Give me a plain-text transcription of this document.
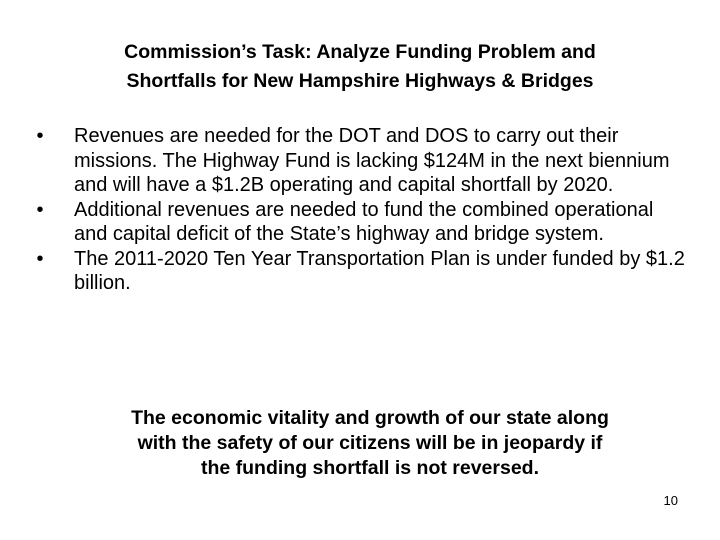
Commission’s Task: Analyze Funding Problem and
Shortfalls for New Hampshire Highways & Bridges
•	Revenues are needed for the DOT and DOS to carry out their missions. The Highway Fund is lacking $124M in the next biennium and will have a $1.2B operating and capital shortfall by 2020.
•	Additional revenues are needed to fund the combined operational and capital deficit of the State’s highway and bridge system.
•	The 2011-2020 Ten Year Transportation Plan is under funded by $1.2 billion.
The economic vitality and growth of our state along
with the safety of our citizens will be in jeopardy if
the funding shortfall is not reversed.
10
